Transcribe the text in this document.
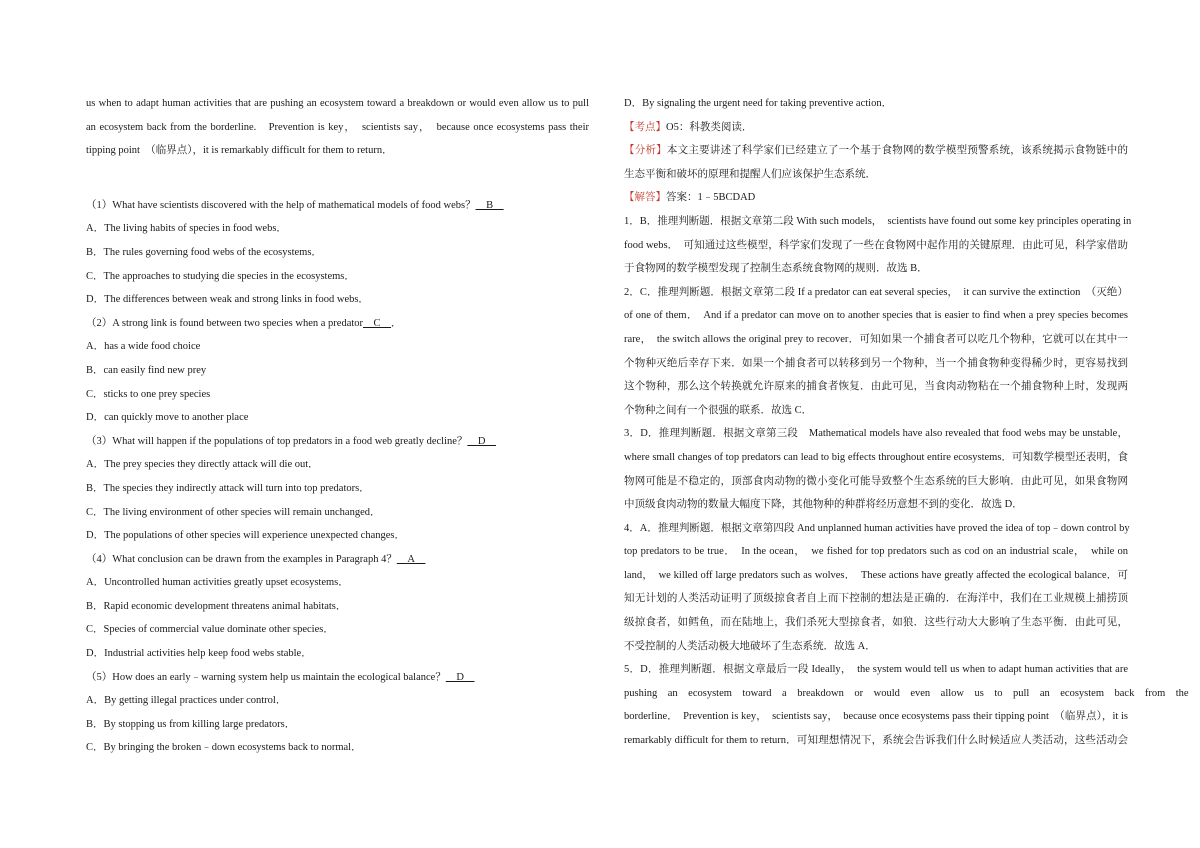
us when to adapt human activities that are pushing an ecosystem toward a breakdown or would even allow us to pull
an ecosystem back from the borderline.　Prevention is key，　scientists say，　because once ecosystems pass their
tipping point　（临界点），it is remarkably difficult for them to return．
（1）What have scientists discovered with the help of mathematical models of food webs？＿B＿
A．The living habits of species in food webs．
B．The rules governing food webs of the ecosystems．
C．The approaches to studying die species in the ecosystems．
D．The differences between weak and strong links in food webs．
（2）A strong link is found between two species when a predator＿C＿．
A．has a wide food choice
B．can easily find new prey
C．sticks to one prey species
D．can quickly move to another place
（3）What will happen if the populations of top predators in a food web greatly decline？＿D＿
A．The prey species they directly attack will die out．
B．The species they indirectly attack will turn into top predators．
C．The living environment of other species will remain unchanged．
D．The populations of other species will experience unexpected changes．
（4）What conclusion can be drawn from the examples in Paragraph 4？＿A＿
A．Uncontrolled human activities greatly upset ecosystems．
B．Rapid economic development threatens animal habitats．
C．Species of commercial value dominate other species．
D．Industrial activities help keep food webs stable．
（5）How does an early﹣warning system help us maintain the ecological balance？＿D＿
A．By getting illegal practices under control．
B．By stopping us from killing large predators．
C．By bringing the broken﹣down ecosystems back to normal．
D．By signaling the urgent need for taking preventive action．
【考点】O5：科教类阅读．
【分析】本文主要讲述了科学家们已经建立了一个基于食物网的数学模型预警系统，该系统揭示食物链中的
生态平衡和破坏的原理和提醒人们应该保护生态系统．
【解答】答案：1﹣5BCDAD
1．B．推理判断题．根据文章第二段 With such models，　scientists have found out some key principles operating in
food webs．　可知通过这些模型，科学家们发现了一些在食物网中起作用的关键原理．由此可见，科学家借助
于食物网的数学模型发现了控制生态系统食物网的规则．故选 B．
2．C．推理判断题．根据文章第二段 If a predator can eat several species，　it can survive the extinction　（灭绝）
of one of them．　And if a predator can move on to another species that is easier to find when a prey species becomes
rare，　the switch allows the original prey to recover．可知如果一个捕食者可以吃几个物种，它就可以在其中一
个物种灭绝后幸存下来．如果一个捕食者可以转移到另一个物种，当一个捕食物种变得稀少时，更容易找到
这个物种，那么这个转换就允许原来的捕食者恢复．由此可见，当食肉动物粘在一个捕食物种上时，发现两
个物种之间有一个很强的联系．故选 C．
3．D．推理判断题．根据文章第三段　Mathematical models have also revealed that food webs may be unstable，
where small changes of top predators can lead to big effects throughout entire ecosystems．可知数学模型还表明，食
物网可能是不稳定的，顶部食肉动物的微小变化可能导致整个生态系统的巨大影响．由此可见，如果食物网
中顶级食肉动物的数量大幅度下降，其他物种的种群将经历意想不到的变化．故选 D．
4．A．推理判断题．根据文章第四段 And unplanned human activities have proved the idea of top﹣down control by
top predators to be true．　In the ocean，　we fished for top predators such as cod on an industrial scale，　while on
land，　we killed off large predators such as wolves．　These actions have greatly affected the ecological balance．可
知无计划的人类活动证明了顶级掠食者自上而下控制的想法是正确的．在海洋中，我们在工业规模上捕捞顶
级掠食者，如鳕鱼，而在陆地上，我们杀死大型掠食者，如狼．这些行动大大影响了生态平衡．由此可见，
不受控制的人类活动极大地破坏了生态系统．故选 A．
5．D．推理判断题．根据文章最后一段 Ideally，　the system would tell us when to adapt human activities that are
pushing　an　ecosystem　toward　a　breakdown　or　would　even　allow　us　to　pull　an　ecosystem　back　from　the
borderline．　Prevention is key，　scientists say，　because once ecosystems pass their tipping point　（临界点），it is
remarkably difficult for them to return．可知理想情况下，系统会告诉我们什么时候适应人类活动，这些活动会
